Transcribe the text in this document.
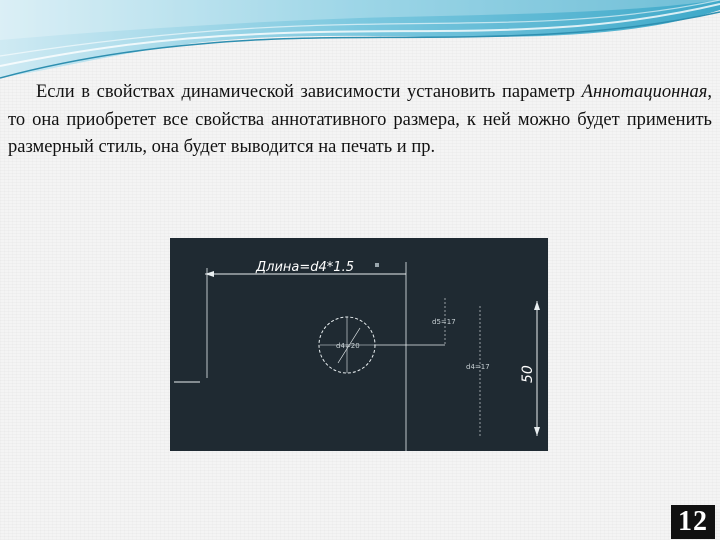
Если в свойствах динамической зависимости установить параметр Аннотационная, то она приобретет все свойства аннотативного размера, к ней можно будет применить размерный стиль, она будет выводится на печать и пр.
Длина=d4*1.5
d5=17
d4=20
d4=17 50
12
